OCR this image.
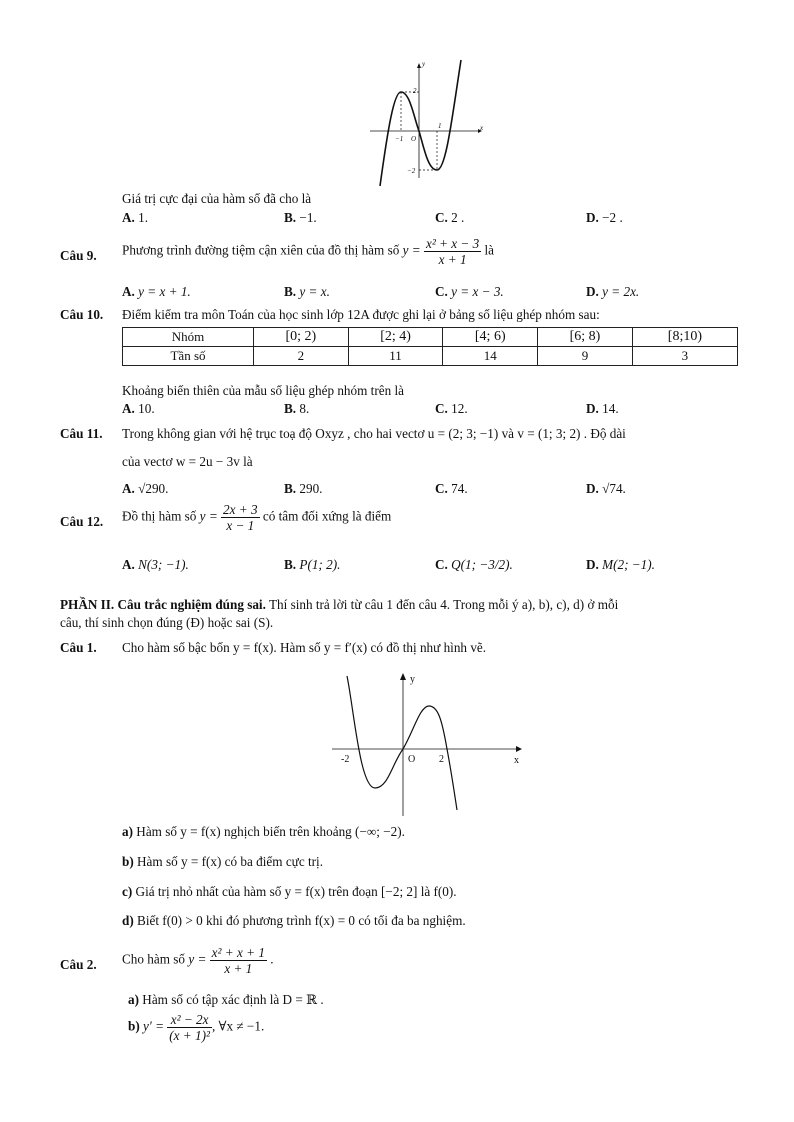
y
x
2
−1 O
1
−2
Giá trị cực đại của hàm số đã cho là
A. 1.	B. −1.	C. 2 .	D. −2 .
Câu 9. Phương trình đường tiệm cận xiên của đồ thị hàm số $y = \frac{\text{x² + x − 3}}{x + 1}$ là
A. y = x + 1.	B. y = x.	C. y = x − 3.	D. y = 2x.
Câu 10. Điểm kiểm tra môn Toán của học sinh lớp 12A được ghi lại ở bảng số liệu ghép nhóm sau:
Nhóm	[0; 2)	[2; 4)	[4; 6)	[6; 8)	[8;10)
Tần số	2	11	14	9	3
Khoảng biến thiên của mẫu số liệu ghép nhóm trên là
A. 10.	B. 8.	C. 12.	D. 14.
Câu 11. Trong không gian với hệ trục toạ độ Oxyz , cho hai vectơ u = (2; 3; −1) và v = (1; 3; 2) . Độ dài
của vectơ w = 2u − 3v là
A. √290.	B. 290.	C. 74.	D. √74.
Câu 12. Đồ thị hàm số $y = \frac{2x + 3}{x - 1}$ có tâm đối xứng là điểm
A. N(3; −1).	B. P(1; 2).	C. Q(1; −3/2).	D. M(2; −1).
PHẦN II. Câu trắc nghiệm đúng sai. Thí sinh trả lời từ câu 1 đến câu 4. Trong mỗi ý a), b), c), d) ở mỗi
câu, thí sinh chọn đúng (Đ) hoặc sai (S).
Câu 1. Cho hàm số bậc bốn y = f(x). Hàm số y = f′(x) có đồ thị như hình vẽ.
y
x
-2	O 2
a) Hàm số y = f(x) nghịch biến trên khoảng (−∞; −2).
b) Hàm số y = f(x) có ba điểm cực trị.
c) Giá trị nhỏ nhất của hàm số y = f(x) trên đoạn [−2; 2] là f(0).
d) Biết f(0) > 0 khi đó phương trình f(x) = 0 có tối đa ba nghiệm.
Câu 2. Cho hàm số $y = \frac{\text{x² + x + 1}}{x + 1}$ .
a) Hàm số có tập xác định là D = ℝ .
b) $y' = \frac{\text{x² − 2x}}{\text{(x + 1)²}}$ , ∀x ≠ −1.
